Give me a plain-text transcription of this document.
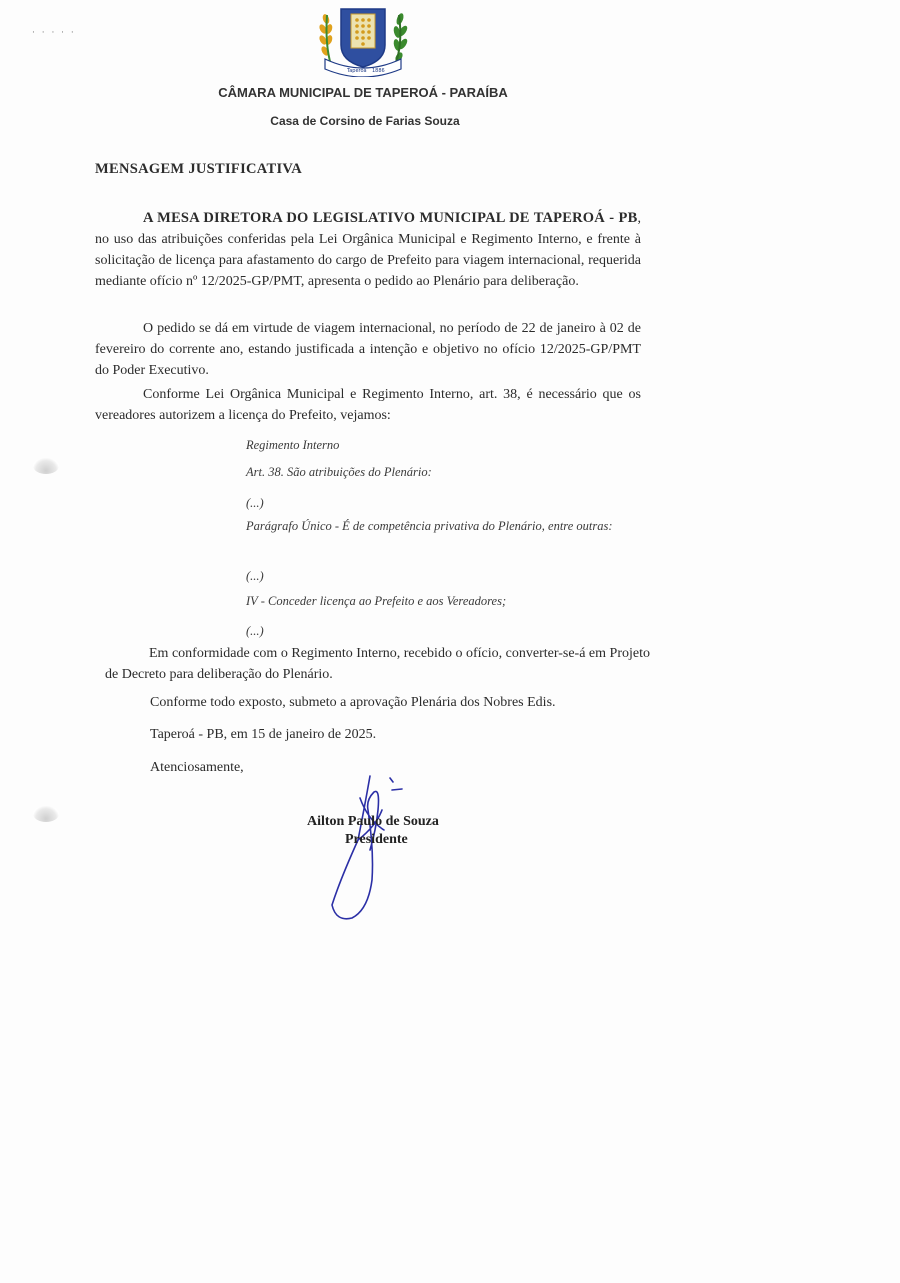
· · · · ·
Taperoá 1886
CÂMARA MUNICIPAL DE TAPEROÁ - PARAÍBA
Casa de Corsino de Farias Souza
MENSAGEM JUSTIFICATIVA
A MESA DIRETORA DO LEGISLATIVO MUNICIPAL DE TAPEROÁ - PB, no uso das atribuições conferidas pela Lei Orgânica Municipal e Regimento Interno, e frente à solicitação de licença para afastamento do cargo de Prefeito para viagem internacional, requerida mediante ofício nº 12/2025-GP/PMT, apresenta o pedido ao Plenário para deliberação.
O pedido se dá em virtude de viagem internacional, no período de 22 de janeiro à 02 de fevereiro do corrente ano, estando justificada a intenção e objetivo no ofício 12/2025-GP/PMT do Poder Executivo.
Conforme Lei Orgânica Municipal e Regimento Interno, art. 38, é necessário que os vereadores autorizem a licença do Prefeito, vejamos:
Regimento Interno
Art. 38. São atribuições do Plenário:
(...)
Parágrafo Único - É de competência privativa do Plenário, entre outras:
(...)
IV - Conceder licença ao Prefeito e aos Vereadores;
(...)
Em conformidade com o Regimento Interno, recebido o ofício, converter-se-á em Projeto de Decreto para deliberação do Plenário.
Conforme todo exposto, submeto a aprovação Plenária dos Nobres Edis.
Taperoá - PB, em 15 de janeiro de 2025.
Atenciosamente,
Ailton Paulo de Souza
Presidente
